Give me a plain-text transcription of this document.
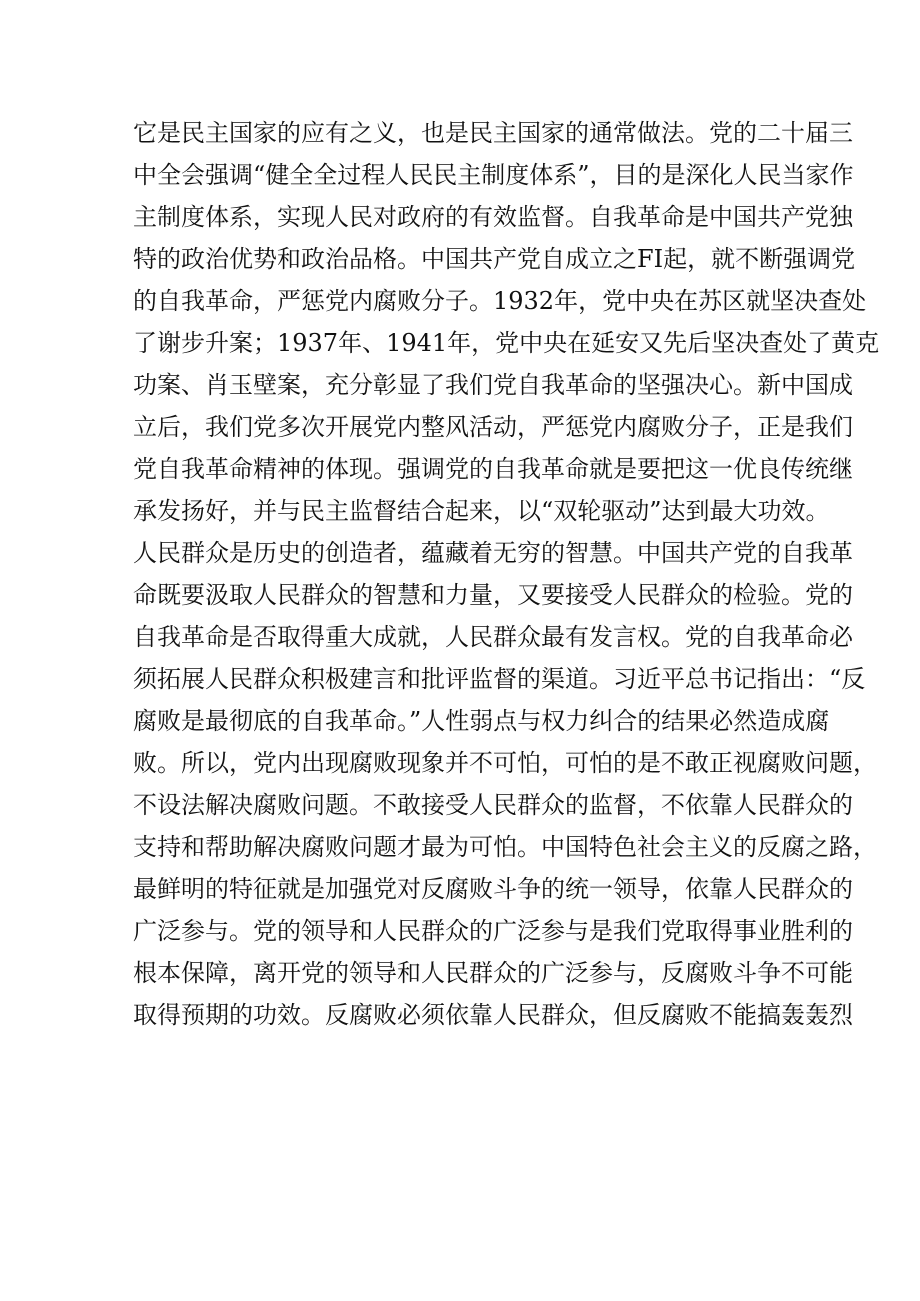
它是民主国家的应有之义，也是民主国家的通常做法。党的二十届三
中全会强调“健全全过程人民民主制度体系”，目的是深化人民当家作
主制度体系，实现人民对政府的有效监督。自我革命是中国共产党独
特的政治优势和政治品格。中国共产党自成立之FI起，就不断强调党
的自我革命，严惩党内腐败分子。1932年，党中央在苏区就坚决查处
了谢步升案；1937年、1941年，党中央在延安又先后坚决查处了黄克
功案、肖玉壁案，充分彰显了我们党自我革命的坚强决心。新中国成
立后，我们党多次开展党内整风活动，严惩党内腐败分子，正是我们
党自我革命精神的体现。强调党的自我革命就是要把这一优良传统继
承发扬好，并与民主监督结合起来，以“双轮驱动”达到最大功效。
人民群众是历史的创造者，蕴藏着无穷的智慧。中国共产党的自我革
命既要汲取人民群众的智慧和力量，又要接受人民群众的检验。党的
自我革命是否取得重大成就，人民群众最有发言权。党的自我革命必
须拓展人民群众积极建言和批评监督的渠道。习近平总书记指出：“反
腐败是最彻底的自我革命。”人性弱点与权力纠合的结果必然造成腐
败。所以，党内出现腐败现象并不可怕，可怕的是不敢正视腐败问题，
不设法解决腐败问题。不敢接受人民群众的监督，不依靠人民群众的
支持和帮助解决腐败问题才最为可怕。中国特色社会主义的反腐之路，
最鲜明的特征就是加强党对反腐败斗争的统一领导，依靠人民群众的
广泛参与。党的领导和人民群众的广泛参与是我们党取得事业胜利的
根本保障，离开党的领导和人民群众的广泛参与，反腐败斗争不可能
取得预期的功效。反腐败必须依靠人民群众，但反腐败不能搞轰轰烈
